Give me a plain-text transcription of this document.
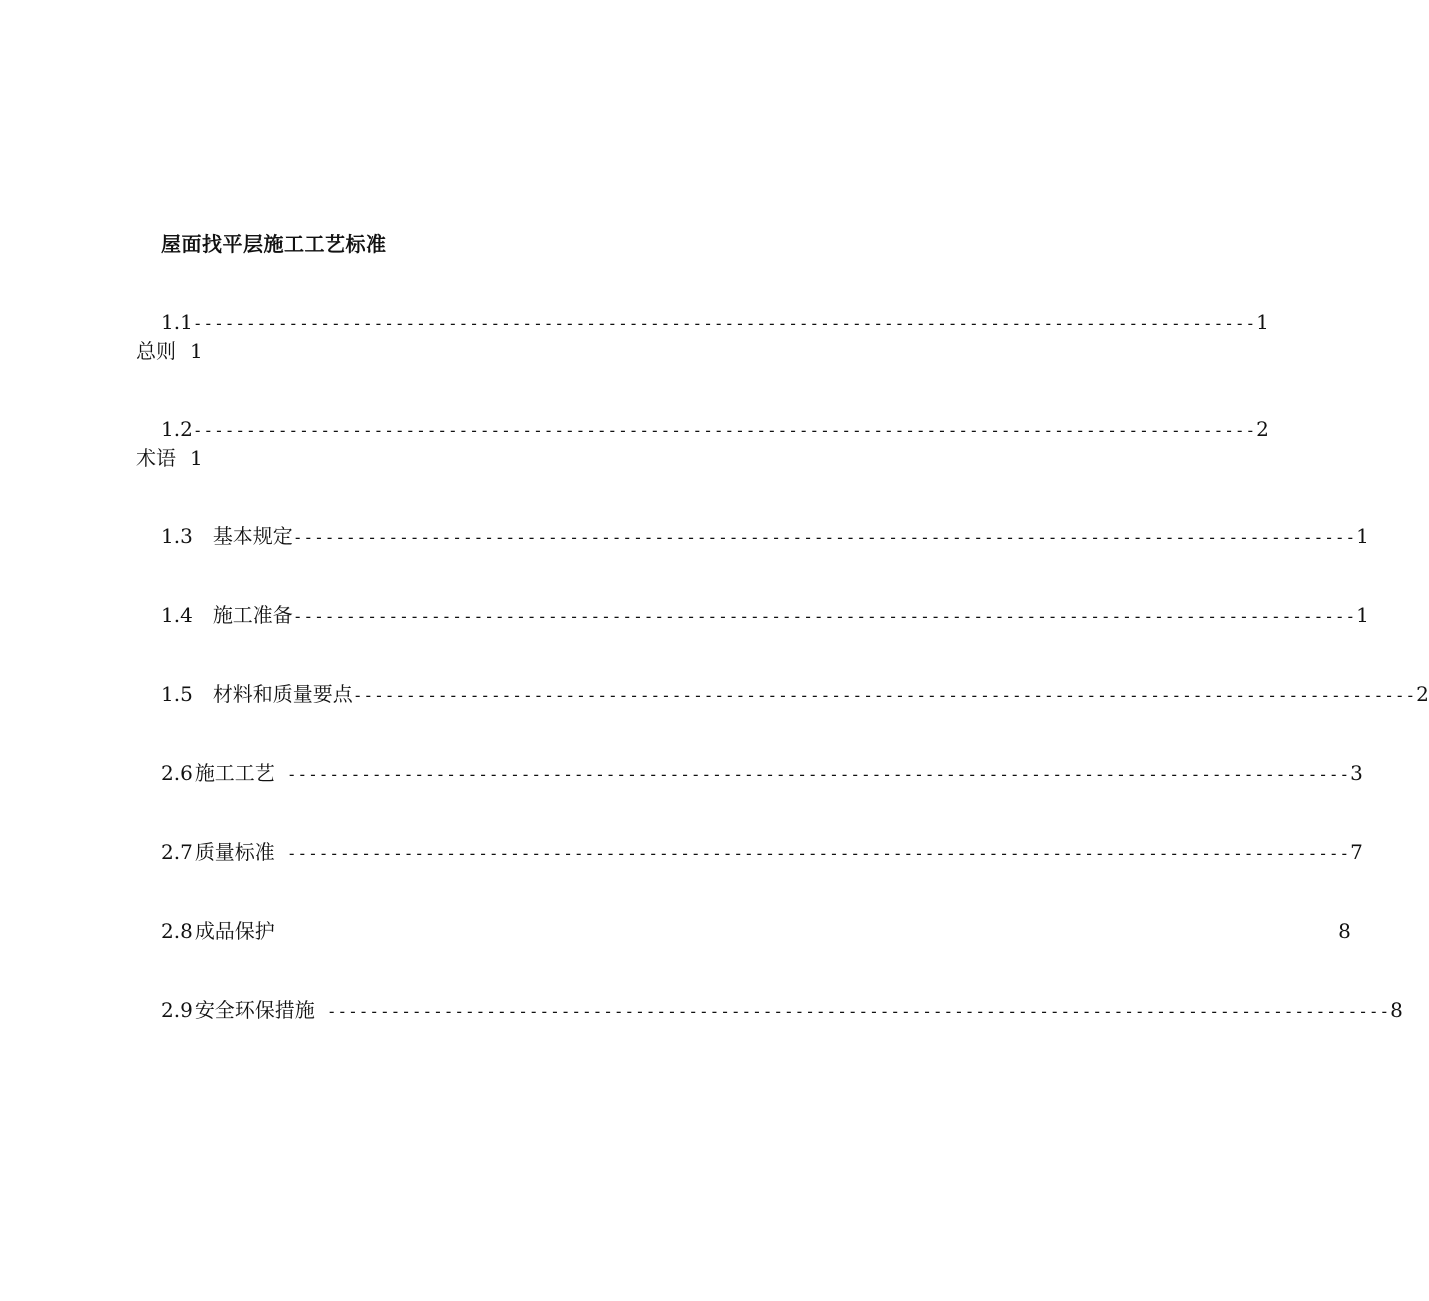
屋面找平层施工工艺标准
1.1 ---------------------------------------------------------------------------------------------------- 1
总则 1
1.2 ---------------------------------------------------------------------------------------------------- 2
术语 1
1.3 基本规定 ---------------------------------------------------------------------------------------------------- 1
1.4 施工准备 ---------------------------------------------------------------------------------------------------- 1
1.5 材料和质量要点 ---------------------------------------------------------------------------------------------------- 2
2.6 施工工艺 ---------------------------------------------------------------------------------------------------- 3
2.7 质量标准 ---------------------------------------------------------------------------------------------------- 7
2.8 成品保护	8
2.9 安全环保措施 ---------------------------------------------------------------------------------------------------- 8
